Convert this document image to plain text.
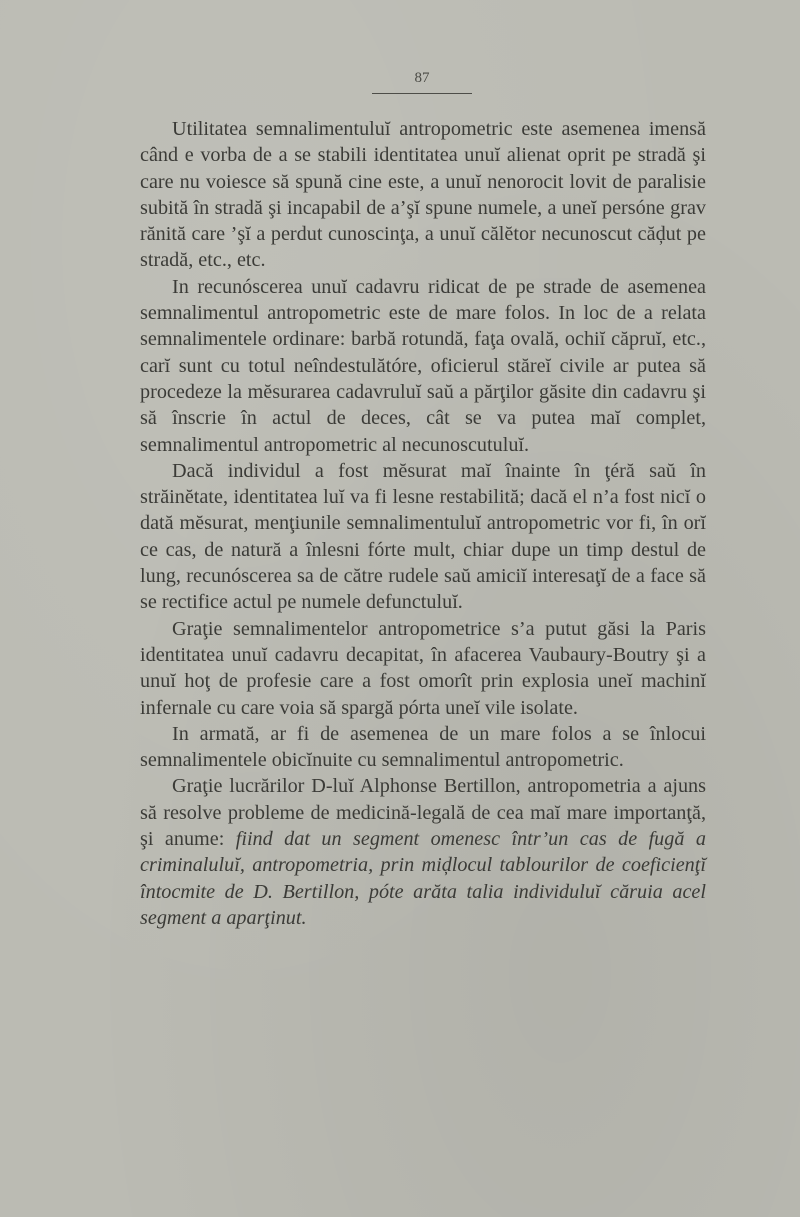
87

Utilitatea semnalimentuluĭ antropometric este asemenea imensă când e vorba de a se stabili identitatea unuĭ alienat oprit pe stradă şi care nu voiesce să spună cine este, a unuĭ nenorocit lovit de paralisie subită în stradă şi incapabil de a’şĭ spune numele, a uneĭ persóne grav rănită care ’şĭ a perdut cunoscinţa, a unuĭ călĕtor necunoscut căḑut pe stradă, etc., etc.

In recunóscerea unuĭ cadavru ridicat de pe strade de asemenea semnalimentul antropometric este de mare folos. In loc de a relata semnalimentele ordinare: barbă rotundă, faţa ovală, ochiĭ căpruĭ, etc., carĭ sunt cu totul neîndestulătóre, oficierul stăreĭ civile ar putea să procedeze la mĕsurarea cadavruluĭ saŭ a părţilor găsite din cadavru şi să înscrie în actul de deces, cât se va putea maĭ complet, semnalimentul antropometric al necunoscutuluĭ.

Dacă individul a fost mĕsurat maĭ înainte în ţéră saŭ în străinĕtate, identitatea luĭ va fi lesne restabilită; dacă el n’a fost nicĭ o dată mĕsurat, menţiunile semnalimentuluĭ antropometric vor fi, în orĭ ce cas, de natură a înlesni fórte mult, chiar dupe un timp destul de lung, recunóscerea sa de către rudele saŭ amiciĭ interesaţĭ de a face să se rectifice actul pe numele defunctuluĭ.

Graţie semnalimentelor antropometrice s’a putut găsi la Paris identitatea unuĭ cadavru decapitat, în afacerea Vaubaury-Boutry şi a unuĭ hoţ de profesie care a fost omorît prin explosia uneĭ machinĭ infernale cu care voia să spargă pórta uneĭ vile isolate.

In armată, ar fi de asemenea de un mare folos a se înlocui semnalimentele obicĭnuite cu semnalimentul antropometric.

Graţie lucrărilor D-luĭ Alphonse Bertillon, antropometria a ajuns să resolve probleme de medicină-legală de cea maĭ mare importanţă, şi anume: fiind dat un segment omenesc într’un cas de fugă a criminaluluĭ, antropometria, prin miḑlocul tablourilor de coeficienţĭ întocmite de D. Bertillon, póte arăta talia individuluĭ căruia acel segment a aparţinut.
